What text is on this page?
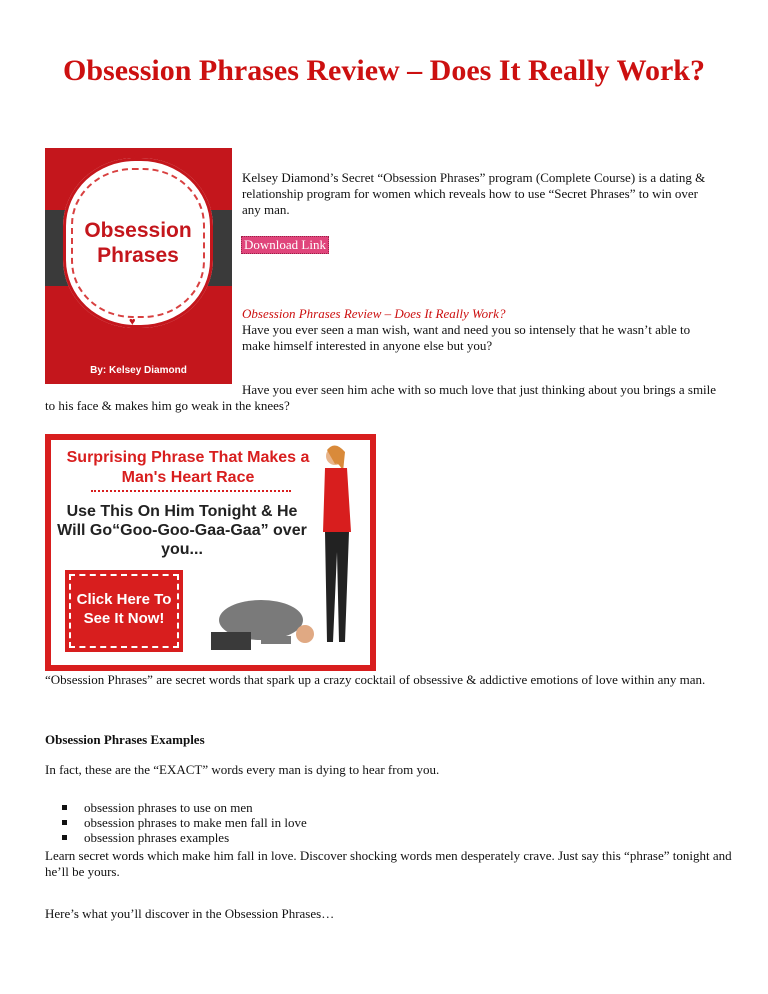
Obsession Phrases Review – Does It Really Work?
♥
♥
Obsession Phrases
By: Kelsey Diamond

Kelsey Diamond’s Secret “Obsession Phrases” program (Complete Course) is a dating & relationship program for women which reveals how to use “Secret Phrases” to win over any man.

Download Link

Obsession Phrases Review – Does It Really Work?

Have you ever seen a man wish, want and need you so intensely that he wasn’t able to make himself interested in anyone else but you?

Have you ever seen him ache with so much love that just thinking about you brings a smile to his face & makes him go weak in the knees?

Surprising Phrase That Makes a Man's Heart Race
Use This On Him Tonight & He Will Go“Goo-Goo-Gaa-Gaa” over you...
Click Here To See It Now!

“Obsession Phrases” are secret words that spark up a crazy cocktail of obsessive & addictive emotions of love within any man.

Obsession Phrases Examples

In fact, these are the “EXACT” words every man is dying to hear from you.

obsession phrases to use on men
obsession phrases to make men fall in love
obsession phrases examples

Learn secret words which make him fall in love. Discover shocking words men desperately crave. Just say this “phrase” tonight and he’ll be yours.

Here’s what you’ll discover in the Obsession Phrases…
